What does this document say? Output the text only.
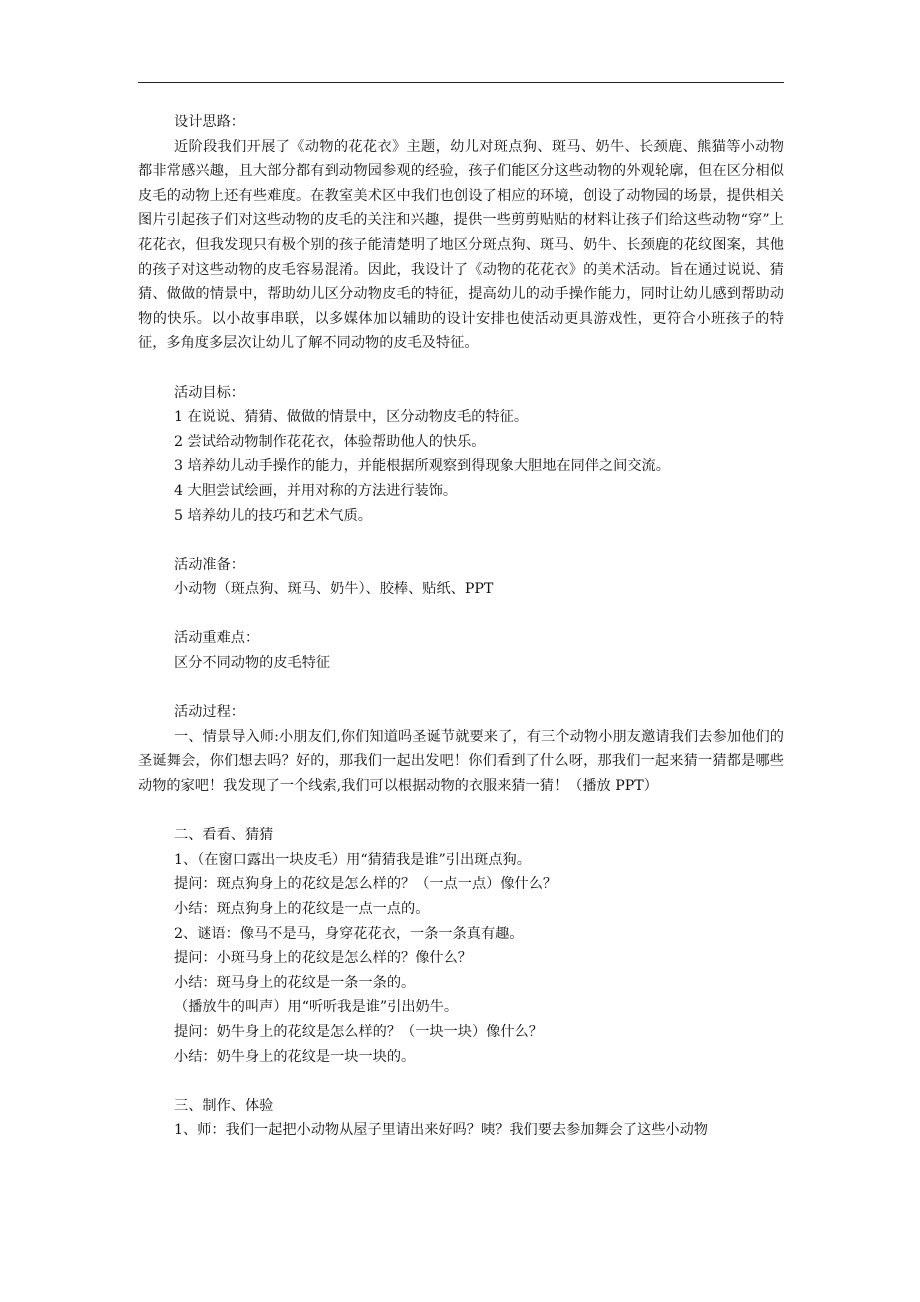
设计思路：
近阶段我们开展了《动物的花花衣》主题，幼儿对斑点狗、斑马、奶牛、长颈鹿、熊猫等小动物都非常感兴趣，且大部分都有到动物园参观的经验，孩子们能区分这些动物的外观轮廓，但在区分相似皮毛的动物上还有些难度。在教室美术区中我们也创设了相应的环境，创设了动物园的场景，提供相关图片引起孩子们对这些动物的皮毛的关注和兴趣，提供一些剪剪贴贴的材料让孩子们给这些动物“穿”上花花衣，但我发现只有极个别的孩子能清楚明了地区分斑点狗、斑马、奶牛、长颈鹿的花纹图案，其他的孩子对这些动物的皮毛容易混淆。因此，我设计了《动物的花花衣》的美术活动。旨在通过说说、猜猜、做做的情景中，帮助幼儿区分动物皮毛的特征，提高幼儿的动手操作能力，同时让幼儿感到帮助动物的快乐。以小故事串联，以多媒体加以辅助的设计安排也使活动更具游戏性，更符合小班孩子的特征，多角度多层次让幼儿了解不同动物的皮毛及特征。
活动目标：
1 在说说、猜猜、做做的情景中，区分动物皮毛的特征。
2 尝试给动物制作花花衣，体验帮助他人的快乐。
3 培养幼儿动手操作的能力，并能根据所观察到得现象大胆地在同伴之间交流。
4 大胆尝试绘画，并用对称的方法进行装饰。
5 培养幼儿的技巧和艺术气质。
活动准备：
小动物（斑点狗、斑马、奶牛）、胶棒、贴纸、PPT
活动重难点：
区分不同动物的皮毛特征
活动过程：
一、情景导入师:小朋友们,你们知道吗圣诞节就要来了，有三个动物小朋友邀请我们去参加他们的圣诞舞会，你们想去吗？好的，那我们一起出发吧！你们看到了什么呀，那我们一起来猜一猜都是哪些动物的家吧！我发现了一个线索,我们可以根据动物的衣服来猜一猜！（播放 PPT）
二、看看、猜猜
1、（在窗口露出一块皮毛）用“猜猜我是谁”引出斑点狗。
提问：斑点狗身上的花纹是怎么样的？（一点一点）像什么？
小结：斑点狗身上的花纹是一点一点的。
2、谜语：像马不是马，身穿花花衣，一条一条真有趣。
提问：小斑马身上的花纹是怎么样的？像什么？
小结：斑马身上的花纹是一条一条的。
（播放牛的叫声）用“听听我是谁”引出奶牛。
提问：奶牛身上的花纹是怎么样的？（一块一块）像什么？
小结：奶牛身上的花纹是一块一块的。
三、制作、体验
1、师：我们一起把小动物从屋子里请出来好吗？咦？我们要去参加舞会了这些小动物
